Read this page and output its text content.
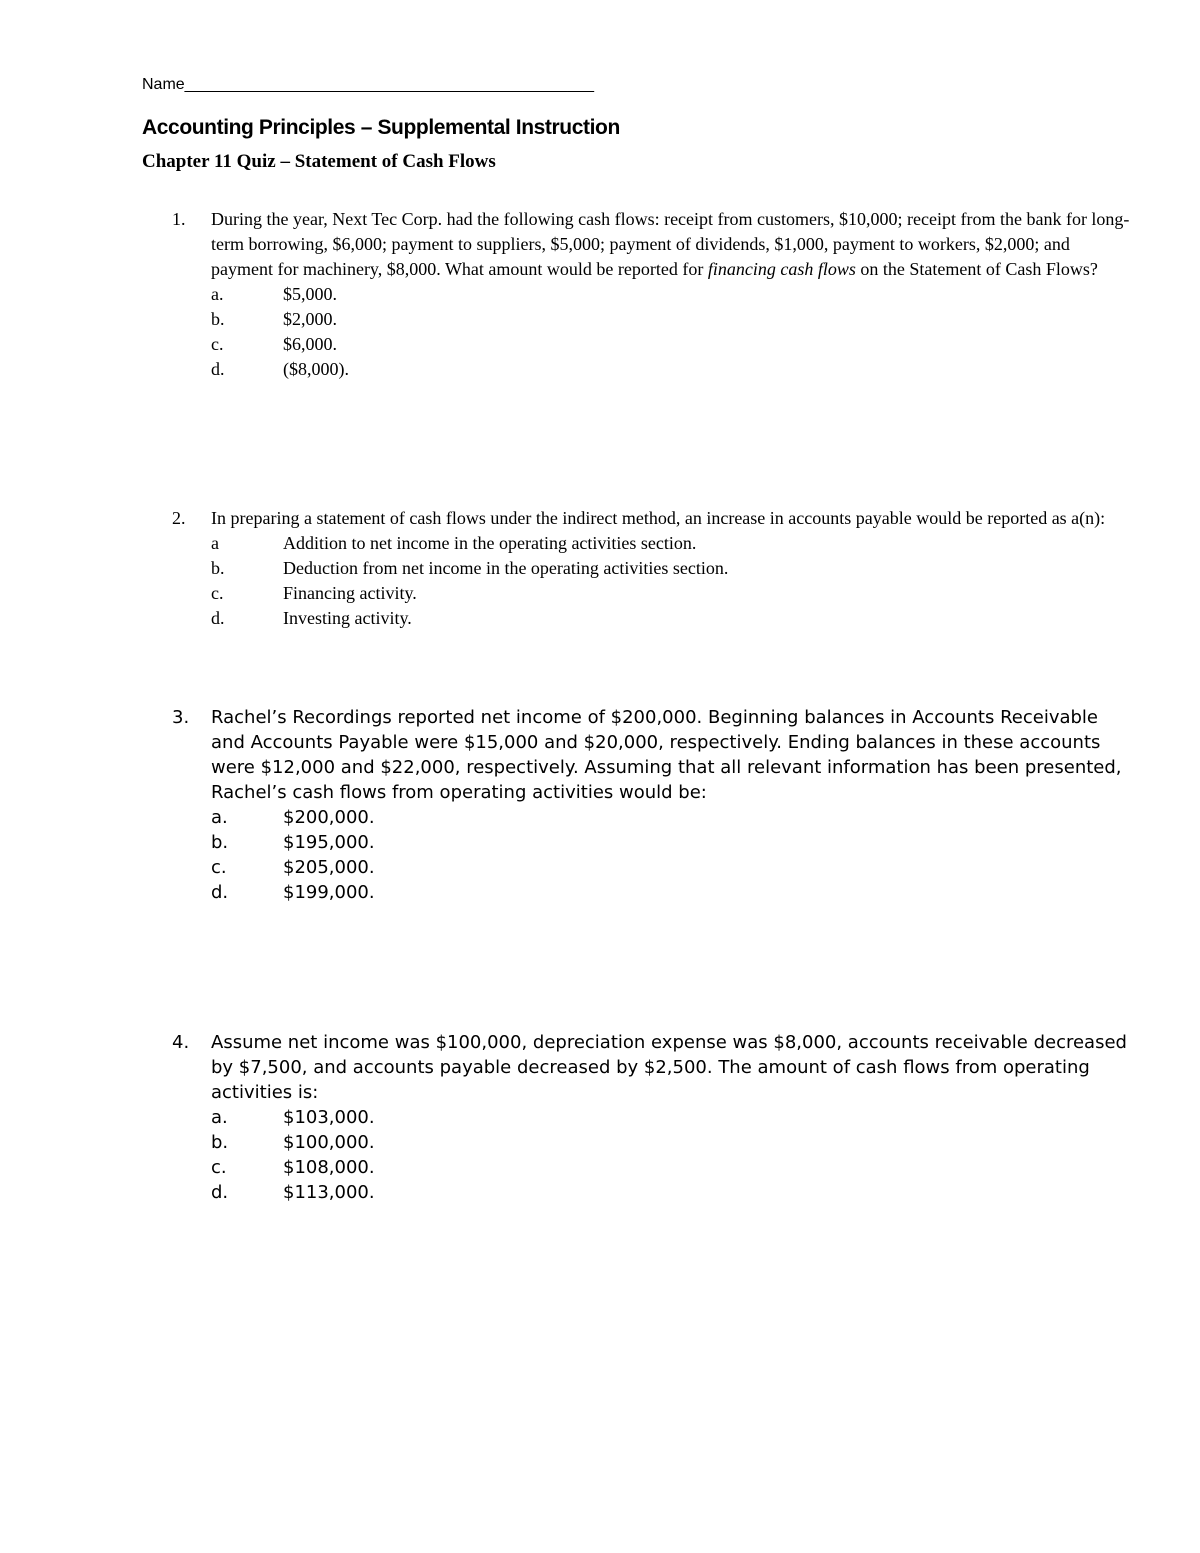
Name______________________________________________
Accounting Principles – Supplemental Instruction
Chapter 11 Quiz – Statement of Cash Flows
1.	During the year, Next Tec Corp. had the following cash flows: receipt from customers, $10,000; receipt from the bank for long-term borrowing, $6,000; payment to suppliers, $5,000; payment of dividends, $1,000, payment to workers, $2,000; and payment for machinery, $8,000. What amount would be reported for financing cash flows on the Statement of Cash Flows?
a.	$5,000.
b.	$2,000.
c.	$6,000.
d.	($8,000).
2.	In preparing a statement of cash flows under the indirect method, an increase in accounts payable would be reported as a(n):
a	Addition to net income in the operating activities section.
b.	Deduction from net income in the operating activities section.
c.	Financing activity.
d.	Investing activity.
3.	Rachel’s Recordings reported net income of $200,000. Beginning balances in Accounts Receivable and Accounts Payable were $15,000 and $20,000, respectively. Ending balances in these accounts were $12,000 and $22,000, respectively. Assuming that all relevant information has been presented, Rachel’s cash flows from operating activities would be:
a.	$200,000.
b.	$195,000.
c.	$205,000.
d.	$199,000.
4.	Assume net income was $100,000, depreciation expense was $8,000, accounts receivable decreased by $7,500, and accounts payable decreased by $2,500. The amount of cash flows from operating activities is:
a.	$103,000.
b.	$100,000.
c.	$108,000.
d.	$113,000.
